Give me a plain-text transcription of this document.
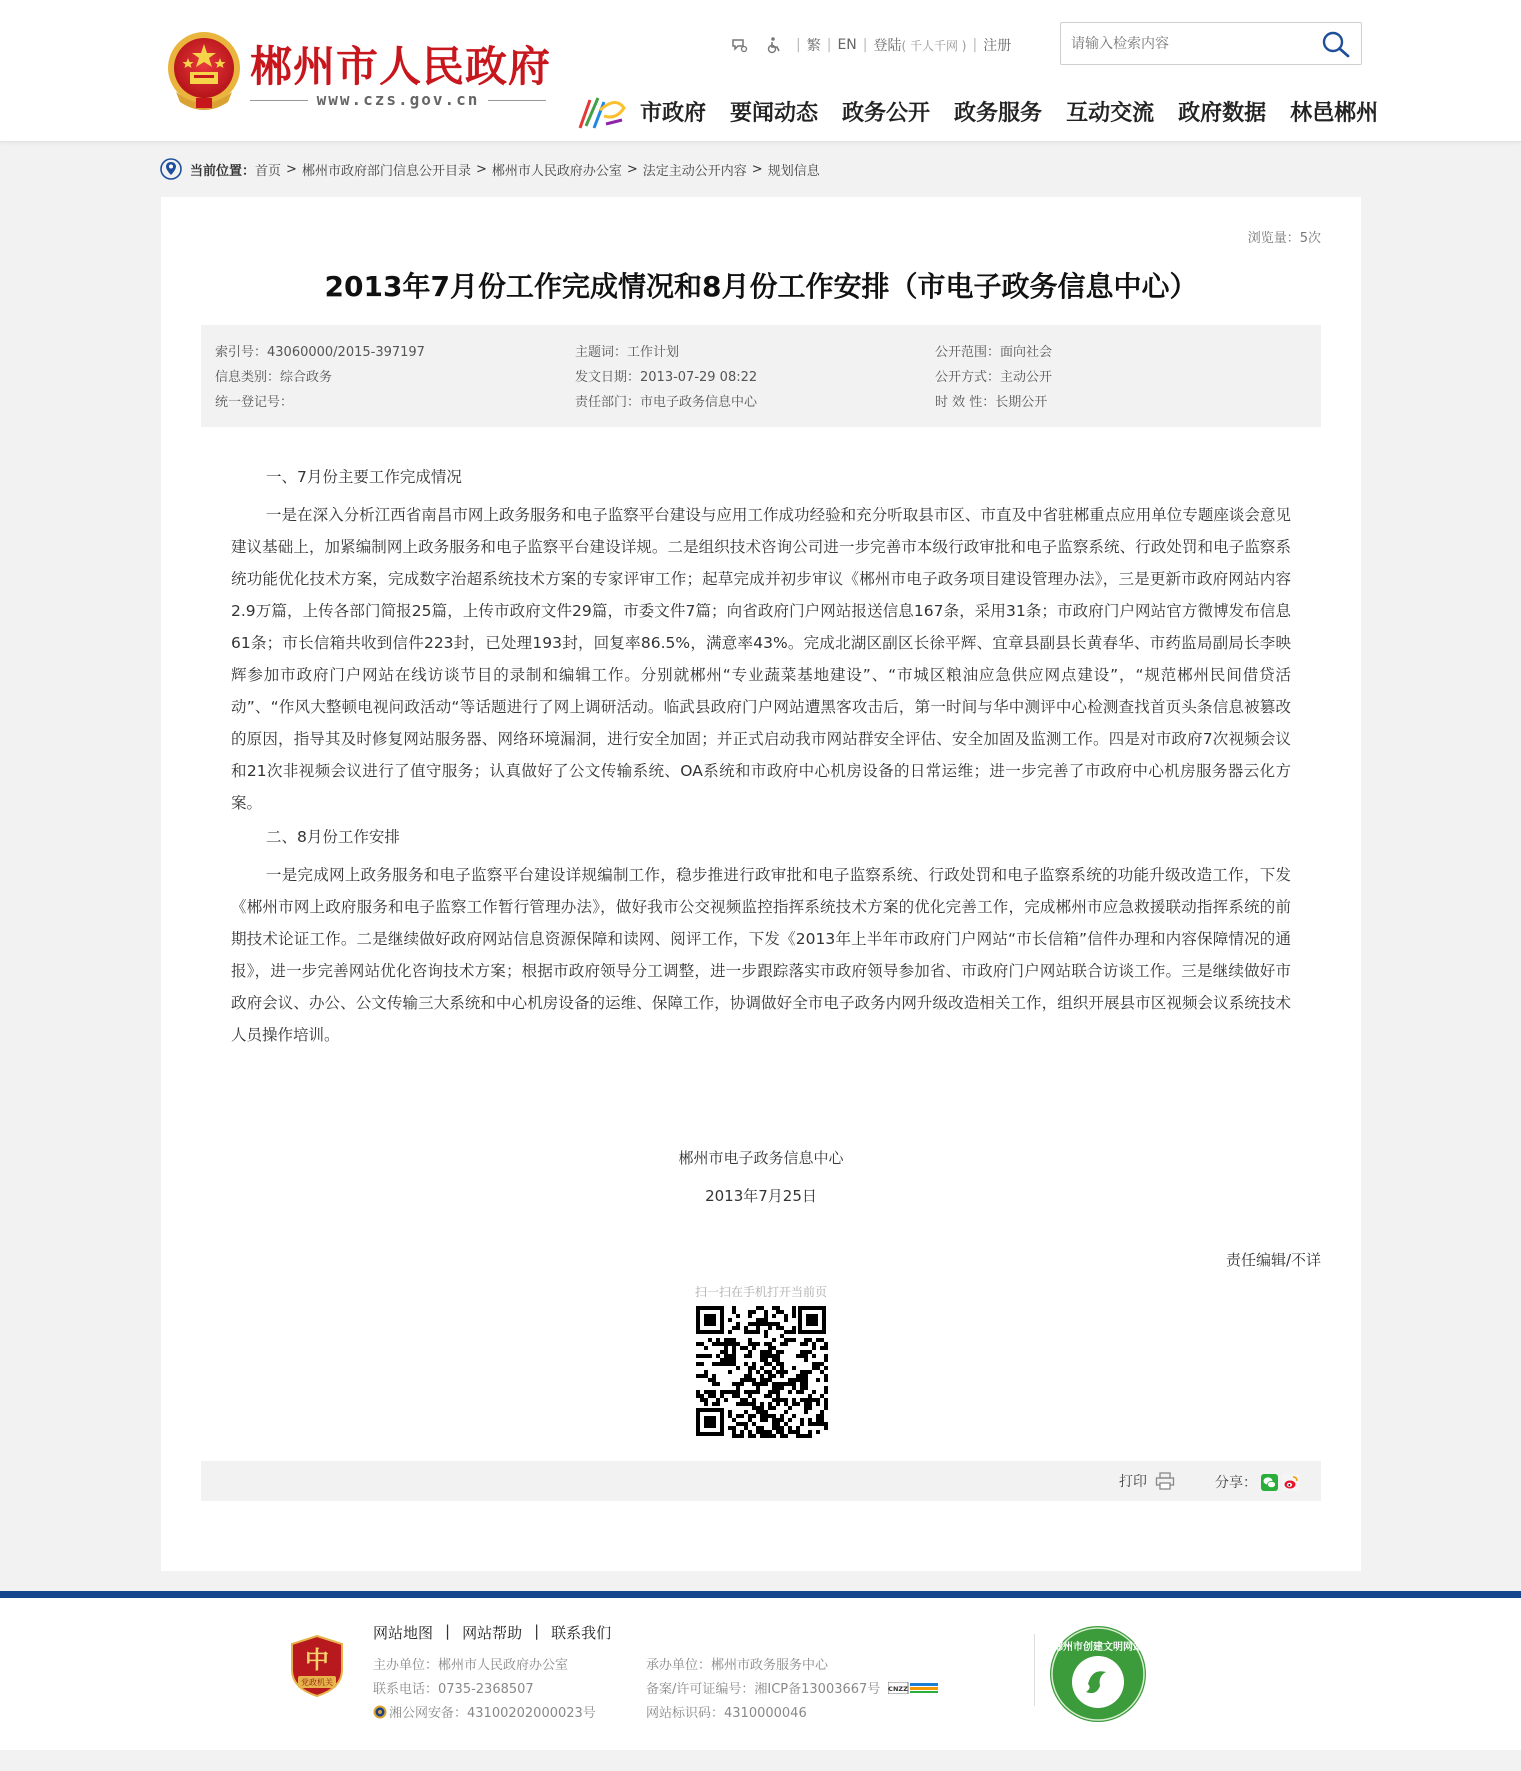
郴州市人民政府
www.czs.gov.cn
| 繁 | EN | 登陆 ( 千人千网 ) | 注册
请输入检索内容
市政府 要闻动态 政务公开 政务服务 互动交流 政府数据 林邑郴州
当前位置： 首页 > 郴州市政府部门信息公开目录 > 郴州市人民政府办公室 > 法定主动公开内容 > 规划信息
浏览量：5次
2013年7月份工作完成情况和8月份工作安排（市电子政务信息中心）
索引号：43060000/2015-397197
信息类别：综合政务
统一登记号：
主题词：工作计划
发文日期：2013-07-29 08:22
责任部门：市电子政务信息中心
公开范围：面向社会
公开方式：主动公开
时 效 性：长期公开

一、7月份主要工作完成情况

一是在深入分析江西省南昌市网上政务服务和电子监察平台建设与应用工作成功经验和充分听取县市区、市直及中省驻郴重点应用单位专题座谈会意见建议基础上，加紧编制网上政务服务和电子监察平台建设详规。二是组织技术咨询公司进一步完善市本级行政审批和电子监察系统、行政处罚和电子监察系统功能优化技术方案，完成数字治超系统技术方案的专家评审工作；起草完成并初步审议《郴州市电子政务项目建设管理办法》，三是更新市政府网站内容2.9万篇，上传各部门简报25篇，上传市政府文件29篇，市委文件7篇；向省政府门户网站报送信息167条，采用31条；市政府门户网站官方微博发布信息61条；市长信箱共收到信件223封，已处理193封，回复率86.5%，满意率43%。完成北湖区副区长徐平辉、宜章县副县长黄春华、市药监局副局长李映辉参加市政府门户网站在线访谈节目的录制和编辑工作。分别就郴州“专业蔬菜基地建设”、“市城区粮油应急供应网点建设”，“规范郴州民间借贷活动”、“作风大整顿电视问政活动“等话题进行了网上调研活动。临武县政府门户网站遭黑客攻击后，第一时间与华中测评中心检测查找首页头条信息被篡改的原因，指导其及时修复网站服务器、网络环境漏洞，进行安全加固；并正式启动我市网站群安全评估、安全加固及监测工作。四是对市政府7次视频会议和21次非视频会议进行了值守服务；认真做好了公文传输系统、OA系统和市政府中心机房设备的日常运维；进一步完善了市政府中心机房服务器云化方案。

二、8月份工作安排

一是完成网上政务服务和电子监察平台建设详规编制工作，稳步推进行政审批和电子监察系统、行政处罚和电子监察系统的功能升级改造工作，下发《郴州市网上政府服务和电子监察工作暂行管理办法》，做好我市公交视频监控指挥系统技术方案的优化完善工作，完成郴州市应急救援联动指挥系统的前期技术论证工作。二是继续做好政府网站信息资源保障和读网、阅评工作，下发《2013年上半年市政府门户网站“市长信箱”信件办理和内容保障情况的通报》，进一步完善网站优化咨询技术方案；根据市政府领导分工调整，进一步跟踪落实市政府领导参加省、市政府门户网站联合访谈工作。三是继续做好市政府会议、办公、公文传输三大系统和中心机房设备的运维、保障工作，协调做好全市电子政务内网升级改造相关工作，组织开展县市区视频会议系统技术人员操作培训。

郴州市电子政务信息中心
2013年7月25日
责任编辑/不详
扫一扫在手机打开当前页
打印	分享：
中
党政机关
网站地图 | 网站帮助 | 联系我们
主办单位：郴州市人民政府办公室
联系电话：0735-2368507
湘公网安备：43100202000023号
承办单位：郴州市政务服务中心
备案/许可证编号：湘ICP备13003667号 CNZZ
网站标识码：4310000046
郴州市创建文明网站
